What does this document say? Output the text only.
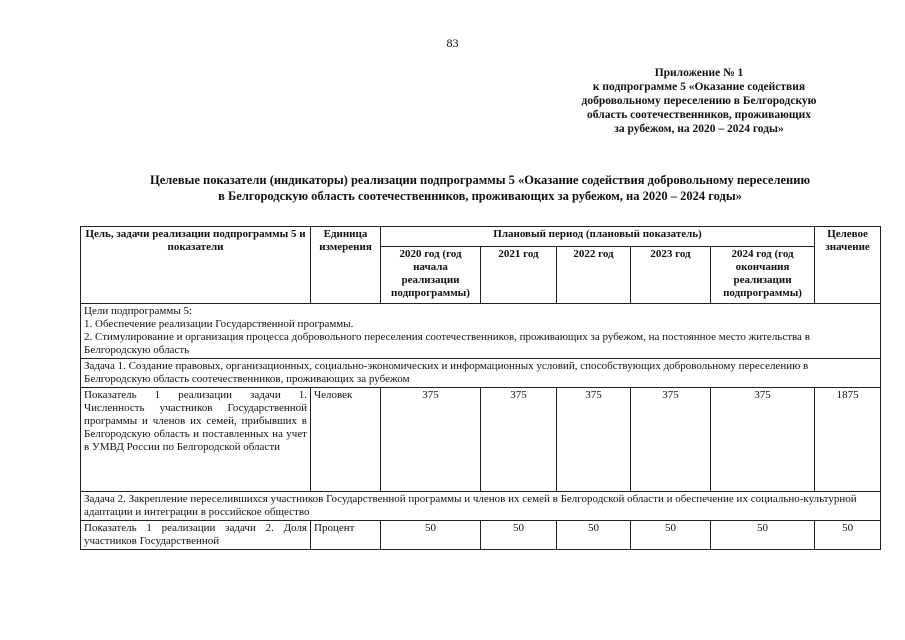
83
Приложение № 1
к подпрограмме 5 «Оказание содействия
добровольному переселению в Белгородскую
область соотечественников, проживающих
за рубежом, на 2020 – 2024 годы»
Целевые показатели (индикаторы) реализации подпрограммы 5 «Оказание содействия добровольному переселению
в Белгородскую область соотечественников, проживающих за рубежом, на 2020 – 2024 годы»
Цель, задачи реализации подпрограммы 5 и показатели	Единица измерения	Плановый период (плановый показатель)					Целевое значение
		2020 год (год начала реализации подпрограммы)	2021 год	2022 год	2023 год	2024 год (год окончания реализации подпрограммы)	

Цели подпрограммы 5:
1. Обеспечение реализации Государственной программы.
2. Стимулирование и организация процесса добровольного переселения соотечественников, проживающих за рубежом, на постоянное место жительства в Белгородскую область							

Задача 1. Создание правовых, организационных, социально-экономических и информационных условий, способствующих добровольному переселению в Белгородскую область соотечественников, проживающих за рубежом							
Показатель 1 реализации задачи 1. Численность участников Государственной программы и членов их семей, прибывших в Белгородскую область и поставленных на учет в УМВД России по Белгородской области	Человек	375	375	375	375	375	1875
Задача 2. Закрепление переселившихся участников Государственной программы и членов их семей в Белгородской области и обеспечение их социально-культурной адаптации и интеграции в российское общество							
Показатель 1 реализации задачи 2. Доля участников Государственной	Процент	50	50	50	50	50	50
